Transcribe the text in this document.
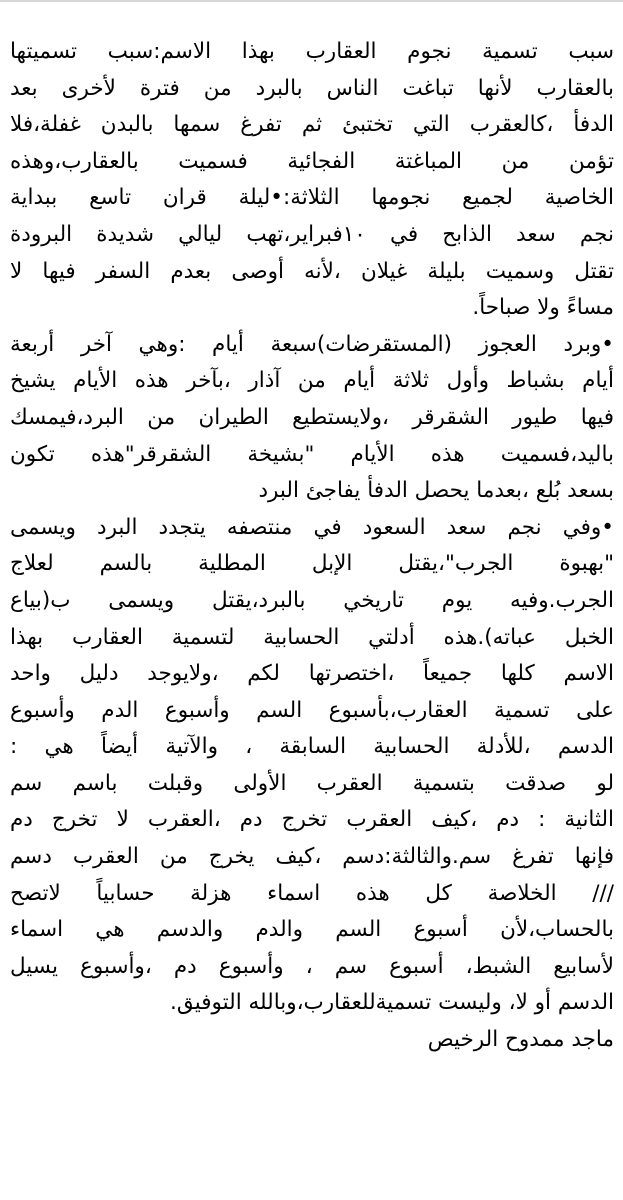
سبب تسمية نجوم العقارب بهذا الاسم:سبب تسميتها
بالعقارب لأنها تباغت الناس بالبرد من فترة لأخرى بعد
الدفأ ،كالعقرب التي تختبئ ثم تفرغ سمها بالبدن غفلة،فلا
تؤمن من المباغتة الفجائية فسميت بالعقارب،وهذه
الخاصية لجميع نجومها الثلاثة:•ليلة قران تاسع ببداية
نجم سعد الذابح في ١٠فبراير،تهب ليالي شديدة البرودة
تقتل وسميت بليلة غيلان ،لأنه أوصى بعدم السفر فيها لا
مساءً ولا صباحاً.
•وبرد العجوز (المستقرضات)سبعة أيام :وهي آخر أربعة
أيام بشباط وأول ثلاثة أيام من آذار ،بآخر هذه الأيام يشيخ
فيها طيور الشقرقر ،ولايستطيع الطيران من البرد،فيمسك
باليد،فسميت هذه الأيام "بشيخة الشقرقر"هذه تكون
بسعد بُلع ،بعدما يحصل الدفأ يفاجئ البرد
•وفي نجم سعد السعود في منتصفه يتجدد البرد ويسمى
"بهبوة الجرب"،يقتل الإبل المطلية بالسم لعلاج
الجرب.وفيه يوم تاريخي بالبرد،يقتل ويسمى ب(بياع
الخبل عباته).هذه أدلتي الحسابية لتسمية العقارب بهذا
الاسم كلها جميعاً ،اختصرتها لكم ،ولايوجد دليل واحد
على تسمية العقارب،بأسبوع السم وأسبوع الدم وأسبوع
الدسم ،للأدلة الحسابية السابقة ، والآتية أيضاً هي :
لو صدقت بتسمية العقرب الأولى وقبلت باسم سم
الثانية : دم ،كيف العقرب تخرج دم ،العقرب لا تخرج دم
فإنها تفرغ سم.والثالثة:دسم ،كيف يخرج من العقرب دسم
/// الخلاصة كل هذه اسماء هزلة حسابياً لاتصح
بالحساب،لأن أسبوع السم والدم والدسم هي اسماء
لأسابيع الشبط، أسبوع سم ، وأسبوع دم ،وأسبوع يسيل
الدسم أو لا، وليست تسميةللعقارب،وبالله التوفيق.
ماجد ممدوح الرخيص
